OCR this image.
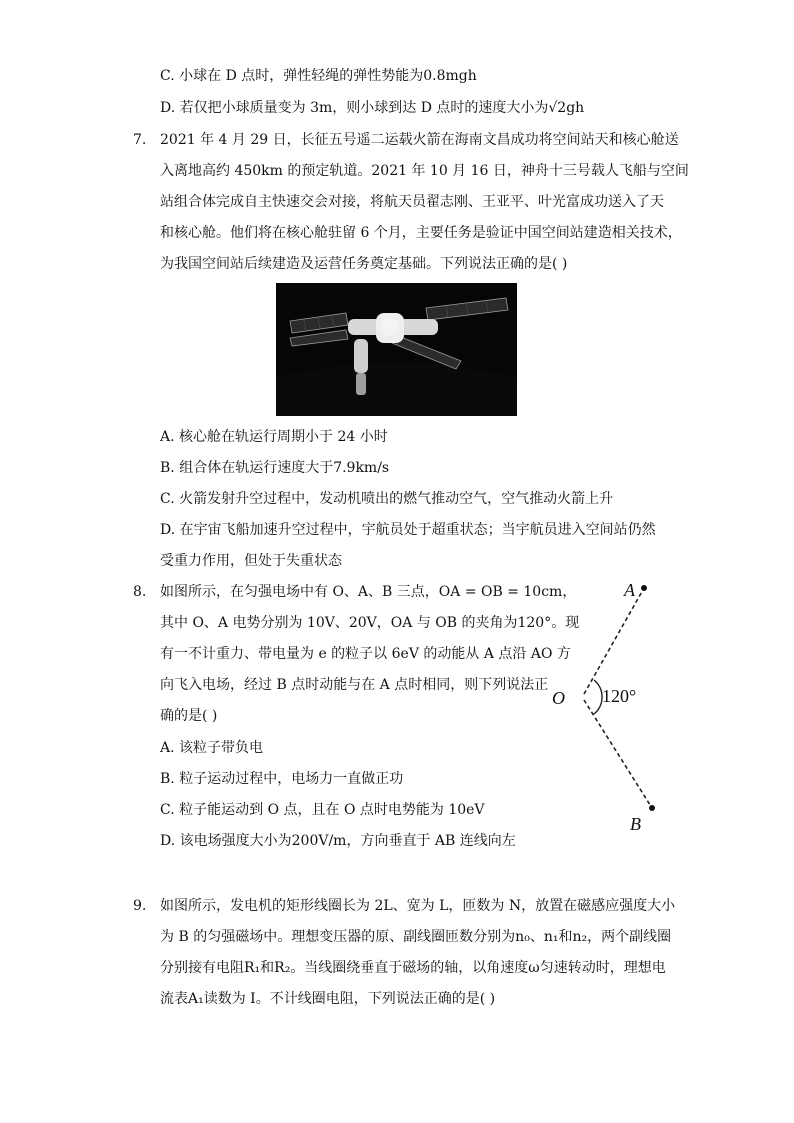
C. 小球在 D 点时，弹性轻绳的弹性势能为0.8mgh
D. 若仅把小球质量变为 3m，则小球到达 D 点时的速度大小为√2gh
7. 2021 年 4 月 29 日，长征五号遥二运载火箭在海南文昌成功将空间站天和核心舱送
入离地高约 450km 的预定轨道。2021 年 10 月 16 日，神舟十三号载人飞船与空间
站组合体完成自主快速交会对接，将航天员翟志刚、王亚平、叶光富成功送入了天
和核心舱。他们将在核心舱驻留 6 个月，主要任务是验证中国空间站建造相关技术，
为我国空间站后续建造及运营任务奠定基础。下列说法正确的是( )
A. 核心舱在轨运行周期小于 24 小时
B. 组合体在轨运行速度大于7.9km/s
C. 火箭发射升空过程中，发动机喷出的燃气推动空气，空气推动火箭上升
D. 在宇宙飞船加速升空过程中，宇航员处于超重状态；当宇航员进入空间站仍然
受重力作用，但处于失重状态
8. 如图所示，在匀强电场中有 O、A、B 三点，OA = OB = 10cm，
其中 O、A 电势分别为 10V、20V，OA 与 OB 的夹角为120°。现
有一不计重力、带电量为 e 的粒子以 6eV 的动能从 A 点沿 AO 方
向飞入电场，经过 B 点时动能与在 A 点时相同，则下列说法正
确的是( )
A. 该粒子带负电
B. 粒子运动过程中，电场力一直做正功
C. 粒子能运动到 O 点，且在 O 点时电势能为 10eV
D. 该电场强度大小为200V/m，方向垂直于 AB 连线向左
A
O
B
120°
9. 如图所示，发电机的矩形线圈长为 2L、宽为 L，匝数为 N，放置在磁感应强度大小
为 B 的匀强磁场中。理想变压器的原、副线圈匝数分别为n₀、n₁和n₂，两个副线圈
分别接有电阻R₁和R₂。当线圈绕垂直于磁场的轴，以角速度ω匀速转动时，理想电
流表A₁读数为 I。不计线圈电阻，下列说法正确的是( )
